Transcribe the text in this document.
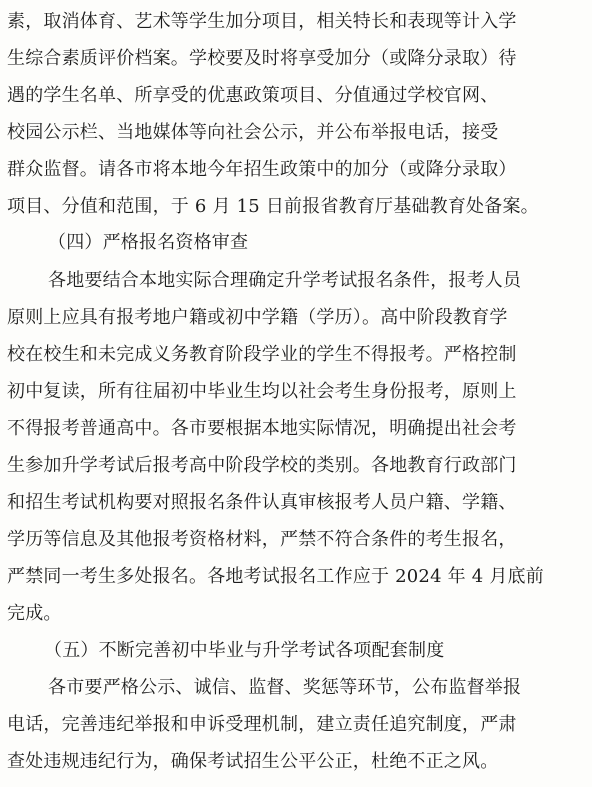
素，取消体育、艺术等学生加分项目，相关特长和表现等计入学
生综合素质评价档案。学校要及时将享受加分（或降分录取）待
遇的学生名单、所享受的优惠政策项目、分值通过学校官网、
校园公示栏、当地媒体等向社会公示，并公布举报电话，接受
群众监督。请各市将本地今年招生政策中的加分（或降分录取）
项目、分值和范围，于 6 月 15 日前报省教育厅基础教育处备案。
（四）严格报名资格审查
各地要结合本地实际合理确定升学考试报名条件，报考人员
原则上应具有报考地户籍或初中学籍（学历）。高中阶段教育学
校在校生和未完成义务教育阶段学业的学生不得报考。严格控制
初中复读，所有往届初中毕业生均以社会考生身份报考，原则上
不得报考普通高中。各市要根据本地实际情况，明确提出社会考
生参加升学考试后报考高中阶段学校的类别。各地教育行政部门
和招生考试机构要对照报名条件认真审核报考人员户籍、学籍、
学历等信息及其他报考资格材料，严禁不符合条件的考生报名，
严禁同一考生多处报名。各地考试报名工作应于 2024 年 4 月底前
完成。
（五）不断完善初中毕业与升学考试各项配套制度
各市要严格公示、诚信、监督、奖惩等环节，公布监督举报
电话，完善违纪举报和申诉受理机制，建立责任追究制度，严肃
查处违规违纪行为，确保考试招生公平公正，杜绝不正之风。
